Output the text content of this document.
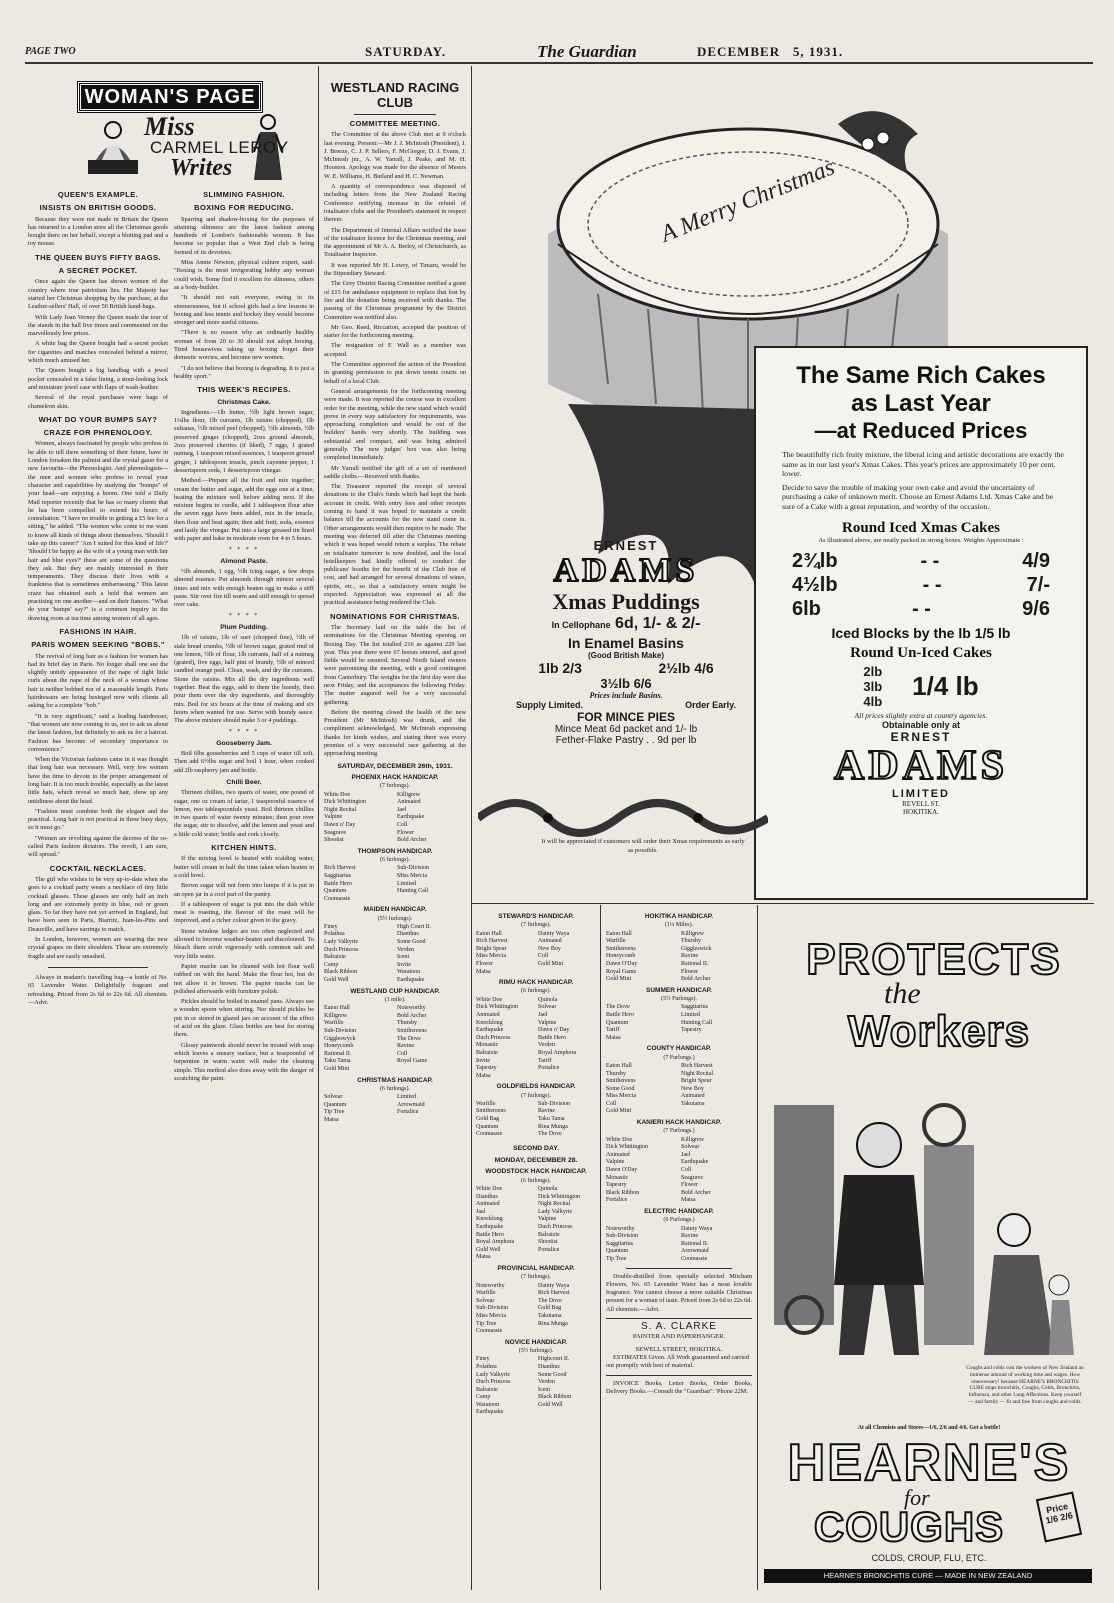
PAGE TWO	SATURDAY.	The Guardian	DECEMBER   5, 1931.
WOMAN'S PAGE
Miss
CARMEL LEROY
Writes
QUEEN'S EXAMPLE.
INSISTS ON BRITISH GOODS.

Because they were not made in Britain the Queen has returned to a London store all the Christmas goods bought there on her behalf, except a blotting pad and a toy mouse.

THE QUEEN BUYS FIFTY BAGS.
A SECRET POCKET.

Once again the Queen has shown women of the country where true patriotism lies. Her Majesty has started her Christmas shopping by the purchase, at the Leather-sellers' Hall, of over 50 British hand-bags.

With Lady Joan Verney the Queen made the tour of the stands in the hall five times and commented on the marvellously low prices.

A white bag the Queen bought had a secret pocket for cigarettes and matches concealed behind a mirror, which much amused her.

The Queen bought a big handbag with a jewel pocket concealed in a false lining, a stout-looking lock and miniature jewel case with flaps of wash-leather.

Several of the royal purchases were bags of chameleon skin.

WHAT DO YOUR BUMPS SAY?
CRAZE FOR PHRENOLOGY.

Women, always fascinated by people who profess to be able to tell them something of their future, have in London forsaken the palmist and the crystal gazer for a new favourite—the Phrenologist. And phrenologists—the men and women who profess to reveal your character and capabilities by studying the "bumps" of your head—are enjoying a boom. One told a Daily Mail reporter recently that he has so many clients that he has been compelled to extend his hours of consultation. "I have no trouble in getting a £5 fee for a sitting," he added. "The women who come to me want to know all kinds of things about themselves. 'Should I take up this career?' 'Am I suited for this kind of life?' 'Should I be happy as the wife of a young man with fair hair and blue eyes?' these are some of the questions they ask. But they are mainly interested in their temperaments. They discuss their lives with a frankness that is sometimes embarrassing." This latest craze has obtained such a hold that women are practising on one another—and on their fiances. "What do your 'bumps' say?" is a common inquiry in the drawing room at tea time among women of all ages.

FASHIONS IN HAIR.
PARIS WOMEN SEEKING "BOBS."

The revival of long hair as a fashion for women has had its brief day in Paris. No longer shall one see the slightly untidy appearance of the nape of tight little curls about the nape of the neck of a woman whose hair is neither bobbed nor of a reasonable length. Paris hairdressers are being besieged now with clients all asking for a complete "bob."

"It is very significant," said a leading hairdresser, "that women are now coming to us, not to ask us about the latest fashion, but definitely to ask us for a haircut. Fashion has become of secondary importance to convenience."

When the Victorian fashions came in it was thought that long hair was necessary. Well, very few women have the time to devote to the proper arrangement of long hair. It is too much trouble, especially as the latest little hats, which reveal so much hair, show up any untidiness about the head.

"Fashion must combine both the elegant and the practical. Long hair is not practical in these busy days, so it must go."

"Women are revolting against the decrees of the so-called Paris fashion dictators. The revolt, I am sure, will spread."

COCKTAIL NECKLACES.

The girl who wishes to be very up-to-date when she goes to a cocktail party wears a necklace of tiny little cocktail glasses. These glasses are only half an inch long and are extremely pretty in blue, red or green glass. So far they have not yet arrived in England, but have been seen in Paris, Biarritz, Juan-les-Pins and Deauville, and have earrings to match.

In London, however, women are wearing the new crystal grapes on their shoulders. These are extremely fragile and are easily smashed.

Always in madam's travelling bag—a bottle of No. 65 Lavender Water. Delightfully fragrant and refreshing. Priced from 2s 6d to 22s 6d. All chemists.—Advt.

SLIMMING FASHION.
BOXING FOR REDUCING.

Sparring and shadow-boxing for the purposes of attaining slimness are the latest fashion among hundreds of London's fashionable women. It has become so popular that a West End club is being formed of its devotees.

Miss Annie Newton, physical culture expert, said: "Boxing is the most invigorating hobby any woman could wish. Some find it excellent for slimness, others as a body-builder.

"It should not suit everyone, owing to its strenuousness, but if school girls had a few lessons in boxing and less tennis and hockey they would become stronger and more useful citizens.

"There is no reason why an ordinarily healthy woman of from 20 to 30 should not adopt boxing. Tired housewives taking up boxing forget their domestic worries, and become new women.

"I do not believe that boxing is degrading. It is just a healthy sport."

THIS WEEK'S RECIPES.
Christmas Cake.

Ingredients.—1lb butter, ½lb light brown sugar, 1¼lbs flour, 1lb currants, 1lb raisins (chopped), 1lb sultanas, ½lb mixed peel (chopped), ½lb almonds, ½lb preserved ginger (chopped), 2ozs ground almonds, 2ozs preserved cherries (if liked), 7 eggs, 1 grated nutmeg, 1 teaspoon mixed essences, 1 teaspoon ground ginger, 1 tablespoon treacle, pinch cayenne pepper, 1 dessertspoon soda, 1 dessertspoon vinegar.

Method.—Prepare all the fruit and mix together; cream the butter and sugar, add the eggs one at a time, beating the mixture well before adding next. If the mixture begins to curdle, add 1 tablespoon flour after the seven eggs have been added, mix in the treacle, then flour and beat again; then add fruit, soda, essence and lastly the vinegar. Put into a large greased tin lined with paper and bake in moderate oven for 4 to 5 hours.

* * * *
Almond Paste.

½lb almonds, 1 egg, ½lb icing sugar, a few drops almond essence. Put almonds through mincer several times and mix with enough beaten egg to make a stiff paste. Stir over fire till warm and stiff enough to spread over cake.

* * * *
Plum Pudding.

1lb of raisins, 1lb of suet (chopped fine), ½lb of stale bread crumbs, ½lb of brown sugar, grated rind of one lemon, ½lb of flour, 1lb currants, half of a nutmeg (grated), five eggs, half pint of brandy, ½lb of minced candied orange peel. Clean, wash, and dry the currants. Stone the raisins. Mix all the dry ingredients well together. Beat the eggs, add to them the brandy, then pour them over the dry ingredients, and thoroughly mix. Boil for six hours at the time of making and six hours when wanted for use. Serve with brandy sauce. The above mixture should make 3 or 4 puddings.

* * * *
Gooseberry Jam.

Boil 6lbs gooseberries and 5 cups of water till soft. Then add 6½lbs sugar and boil 1 hour, when cooked add 2lb raspberry jam and bottle.

Chilli Beer.

Thirteen chillies, two quarts of water, one pound of sugar, one oz cream of tartar, 1 teaspoonful essence of lemon, two tablespoonfuls yeast. Boil thirteen chillies in two quarts of water twenty minutes; then pour over the sugar, stir to dissolve, add the lemon and yeast and a little cold water; bottle and cork closely.

KITCHEN HINTS.

If the mixing bowl is heated with scalding water, butter will cream in half the time taken when beaten in a cold bowl.

Brown sugar will not form into lumps if it is put in an open jar in a cool part of the pantry.

If a tablespoon of sugar is put into the dish while meat is roasting, the flavour of the roast will be improved, and a richer colour given to the gravy.

Stone window ledges are too often neglected and allowed to become weather-beaten and discoloured. To bleach them scrub vigorously with common salt and very little water.

Papier mache can be cleaned with hot flour well rubbed on with the hand. Make the flour hot, but do not allow it to brown. The papier mache can be polished afterwards with furniture polish.

Pickles should be boiled in enamel pans. Always use a wooden spoon when stirring. Nor should pickles be put in or stored in glazed jars on account of the effect of acid on the glaze. Glass bottles are best for storing them.

Glossy paintwork should never be treated with soap which leaves a smeary surface, but a teaspoonful of turpentine in warm water will make the cleaning simple. This method also does away with the danger of scratching the paint.

WESTLAND RACING
CLUB
COMMITTEE MEETING.

The Committee of the above Club met at 9 o'clock last evening. Present:—Mr J. J. McIntosh (President), J. J. Breeze, C. J. P. Sellers, F. McGregor, D. J. Evans, J. McIntosh jnr., A. W. Yarrall, J. Peake, and M. H. Houston. Apology was made for the absence of Messrs W. E. Williams, H. Butland and H. C. Newman.

A quantity of correspondence was disposed of including letters from the New Zealand Racing Conference notifying increase in the refund of totalisator clubs and the President's statement in respect thereto.

The Department of Internal Affairs notified the issue of the totalisator licence for the Christmas meeting, and the appointment of Mr A. A. Berley, of Christchurch, as Totalisator Inspector.

It was reported Mr H. Lowry, of Timaru, would be the Stipendiary Steward.

The Grey District Racing Committee notified a grant of £15 for ambulance equipment to replace that lost by fire and the donation being received with thanks. The passing of the Christmas programme by the District Committee was notified also.

Mr Geo. Reed, Riccarton, accepted the position of starter for the forthcoming meeting.

The resignation of F. Wall as a member was accepted.

The Committee approved the action of the President in granting permission to put down tennis courts on behalf of a local Club.

General arrangements for the forthcoming meeting were made. It was reported the course was in excellent order for the meeting, while the new stand which would prove in every way satisfactory for requirements, was approaching completion and would be out of the builders' hands very shortly. The building was substantial and compact, and was being admired generally. The new judges' box was also being completed immediately.

Mr Yarrall notified the gift of a set of numbered saddle cloths.—Received with thanks.

The Treasurer reported the receipt of several donations to the Club's funds which had kept the bank account in credit. With entry fees and other receipts coming to hand it was hoped to maintain a credit balance till the accounts for the new stand come in. Other arrangements would then require to be made. The meeting was deferred till after the Christmas meeting which it was hoped would return a surplus. The rebate on totalisator turnover is now doubled, and the local hotelkeepers had kindly offered to conduct the publicans' booths for the benefit of the Club free of cost, and had arranged for several donations of wines, spirits, etc., so that a satisfactory return might be expected. Appreciation was expressed at all the practical assistance being rendered the Club.

NOMINATIONS FOR CHRISTMAS.

The Secretary laid on the table the list of nominations for the Christmas Meeting opening on Boxing Day. The list totalled 216 as against 229 last year. This year there were 67 horses entered, and good fields would be ensured. Several North Island owners were patronising the meeting, with a good contingent from Canterbury. The weights for the first day were due next Friday, and the acceptances the following Friday. The matter augured well for a very successful gathering.

Before the meeting closed the health of the new President (Mr McIntosh) was drunk, and the compliment acknowledged, Mr McIntosh expressing thanks for kinds wishes, and stating there was every promise of a very successful race gathering at the approaching meeting.

SATURDAY, DECEMBER 26th, 1931.
PHOENIX HACK HANDICAP.
(7 furlongs).
White Doe	Killigrew
Dick Whittington	Animated
Night Recital	Jael
Valpine	Earthquake
Dawn o' Day	Coll
Seagrave	Flower
Shootist	Bold Archer
THOMPSON HANDICAP.
(6 furlongs).
Rich Harvest	Sub-Division
Saggitarius	Miss Mercia
Battle Hero	Limited
Quantum	Hunting Call
Coomassie
MAIDEN HANDICAP.
(5½ furlongs).
Finey	High Court II.
Polathea	Dianthus
Lady Valkyrie	Some Good
Duch Princess	Verden
Balraizie	Iceni
Camp	Invite
Black Ribbon	Waratoon
Gold Well	Earthquake
WESTLAND CUP HANDICAP.
(1 mile).
Eaton Hall	Noteworthy
Killigrew	Bold Archer
Warfille	Thursby
Sub-Division	Smithereens
Giggleswyck	The Dove
Honeycomb	Ravine
Rational II.	Coll
Taku Tama	Royal Game
Gold Mint
CHRISTMAS HANDICAP.
(6 furlongs).
Solvear	Limited
Quantum	Arrowmaid
Tip Tree	Fortalice
Matsa
STEWARD'S HANDICAP.
(7 furlongs).
Eaton Hall	Dainty Waya
Rich Harvest	Animated
Bright Spear	New Boy
Miss Mercia	Coll
Flower	Gold Mint
Matsa
RIMU HACK HANDICAP.
(6 furlongs).
White Doe	Quinola
Dick Whittington	Solvear
Animated	Jael
Knocklong	Valpine
Earthquake	Dawn o' Day
Duch Princess	Battle Hero
Monastic	Verden
Balraizie	Royal Amphora
Invite	Tariff
Tapestry	Portalice
Matsa
GOLDFIELDS HANDICAP.
(7 furlongs).
Warfille	Sub-Division
Smithereens	Ravine
Gold Bag	Taku Tama
Quantum	Rina Munga
Coomassie	The Dove
SECOND DAY.
MONDAY, DECEMBER 28.
WOODSTOCK HACK HANDICAP.
(6 furlongs).
White Doe	Quinola
Dianthus	Dick Whittington
Animated	Night Recital
Jael	Lady Valkyrie
Knocklong	Valpine
Earthquake	Duch Princess
Battle Hero	Balraizie
Royal Amphora	Shootist
Gold Well	Portalice
Matsa
PROVINCIAL HANDICAP.
(7 furlongs).
Noteworthy	Dainty Waya
Warfille	Rich Harvest
Solvear	The Dove
Sub-Division	Gold Bag
Miss Mercia	Takutama
Tip Tree	Rina Munga
Coomassie
NOVICE HANDICAP.
(5½ furlongs).
Finey	Highcourt II.
Polathea	Dianthus
Lady Valkyrie	Some Good
Duch Princess	Verden
Balraizie	Iceni
Camp	Black Ribbon
Waratoon	Gold Well
Earthquake
HOKITIKA HANDICAP.
(1¼ Miles).
Eaton Hall	Killigrew
Warfille	Thursby
Smithereens	Giggleswick
Honeycomb	Ravine
Dawn O'Day	Rational II.
Royal Game	Flower
Gold Mint	Bold Archer
SUMMER HANDICAP.
(5½ Furlongs).
The Dove	Saggitarius
Battle Hero	Limited
Quantum	Hunting Call
Tariff	Tapestry
Matsa
COUNTY HANDICAP.
(7 Furlongs.)
Eaton Hall	Rich Harvest
Thursby	Night Recital
Smithereens	Bright Spear
Some Good	New Boy
Miss Mercia	Animated
Coll	Takutama
Gold Mint
KANIERI HACK HANDICAP.
(7 Furlongs.)
White Doe	Killigrew
Dick Whittington	Solvear
Animated	Jael
Valpine	Earthquake
Dawn O'Day	Coll
Monastic	Seagrave
Tapestry	Flower
Black Ribbon	Bold Archer
Fortalice	Matsa
ELECTRIC HANDICAP.
(6 Furlongs.)
Noteworthy	Dainty Waya
Sub-Division	Ravine
Saggitarius	Rational II.
Quantum	Arrowmaid
Tip Tree	Coomassie

Double-distilled from specially selected Mitcham Flowers, No. 65 Lavender Water has a most lovable fragrance. You cannot choose a more suitable Christmas present for a woman of taste. Priced from 2s 6d to 22s 6d. All chemists.—Advt.

S. A. CLARKE
PAINTER AND PAPERHANGER.
SEWELL STREET, HOKITIKA.

ESTIMATES Given. All Work guaranteed and carried out promptly with best of material.

INVOICE Books, Letter Books, Order Books, Delivery Books.—Consult the "Guardian": 'Phone 22M.

A Merry Christmas
The Same Rich Cakes
as Last Year
—at Reduced Prices

The beautifully rich fruity mixture, the liberal icing and artistic decorations are exactly the same as in our last year's Xmas Cakes. This year's prices are approximately 10 per cent. lower.

Decide to save the trouble of making your own cake and avoid the uncertainty of purchasing a cake of unknown merit. Choose an Ernest Adams Ltd. Xmas Cake and be sure of a Cake with a great reputation, and worthy of the occasion.

Round Iced Xmas Cakes
As illustrated above, are neatly packed in strong boxes. Weights Approximate :
2¾lb	- -	4/9
4½lb	- -	7/-
6lb	- -	9/6
Iced Blocks by the lb 1/5 lb
Round Un-Iced Cakes
2lb
3lb
4lb
1/4 lb
All prices slightly extra at country agencies.
Obtainable only at
ERNEST
ADAMS
LIMITED
REVELL ST.
HOKITIKA.
ERNEST
ADAMS
Xmas Puddings
In Cellophane 6d, 1/- & 2/-
In Enamel Basins
(Good British Make)
1lb 2/3	2½lb 4/6
3½lb 6/6
Prices include Basins.
Supply Limited.	Order Early.
FOR MINCE PIES
Mince Meat 6d packet and 1/- lb
Fether-Flake Pastry . . 9d per lb
It will be appreciated if customers will order their Xmas requirements as early as possible.
PROTECTS
the
Workers
Coughs and colds cost the workers of New Zealand an immense amount of working time and wages. How unnecessary! because HEARNE'S BRONCHITIS CURE stops bronchitis, Coughs, Colds, Bronchitis, Influenza, and other Lung Affections. Keep yourself — and family — fit and free from coughs and colds.
At all Chemists and Stores—1/6, 2/6 and 4/6. Get a bottle!
HEARNE'S
for
COUGHS	Price 1/6 2/6
COLDS, CROUP, FLU, ETC.
HEARNE'S BRONCHITIS CURE — MADE IN NEW ZEALAND
